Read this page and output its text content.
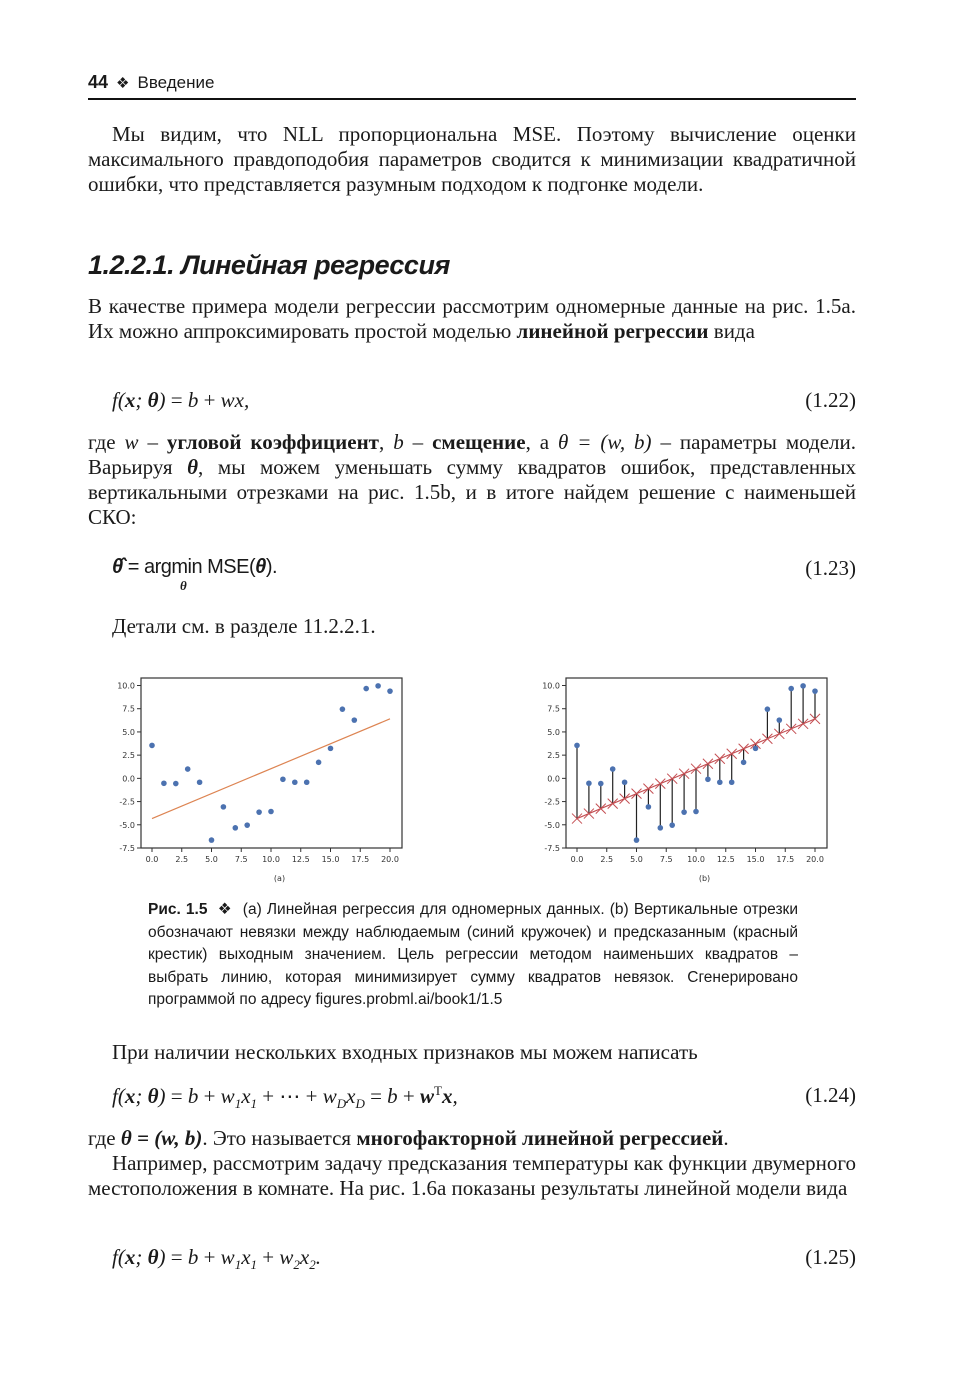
44 ❖ Введение

Мы видим, что NLL пропорциональна MSE. Поэтому вычисление оценки максимального правдоподобия параметров сводится к минимизации квадратичной ошибки, что представляется разумным подходом к подгонке модели.

1.2.2.1. Линейная регрессия

В качестве примера модели регрессии рассмотрим одномерные данные на рис. 1.5a. Их можно аппроксимировать простой моделью линейной регрессии вида

f(x; θ) = b + wx,	(1.22)

где w – угловой коэффициент, b – смещение, а θ = (w, b) – параметры модели. Варьируя θ, мы можем уменьшать сумму квадратов ошибок, представленных вертикальными отрезками на рис. 1.5b, и в итоге найдем решение с наименьшей СКО:

θ̂ = argmin MSE(θ).
θ
(1.23)

Детали см. в разделе 11.2.2.1.

0.0 2.5 5.0 7.5 10.0 12.5 15.0 17.5 20.0
10.0
7.5
5.0
2.5
0.0
-2.5
-5.0
-7.5
(a)
0.0 2.5 5.0 7.5 10.0 12.5 15.0 17.5 20.0
10.0
7.5
5.0
2.5
0.0
-2.5
-5.0
-7.5
(b)
Рис. 1.5 ❖ (a) Линейная регрессия для одномерных данных. (b) Вертикальные отрезки обозначают невязки между наблюдаемым (синий кружочек) и предсказанным (красный крестик) выходным значением. Цель регрессии методом наименьших квадратов – выбрать линию, которая минимизирует сумму квадратов невязок. Сгенерировано программой по адресу figures.probml.ai/book1/1.5

При наличии нескольких входных признаков мы можем написать

f(x; $\theta) = b + w_1x_1$ + ⋯ + $w_Dx_D = b + w^Tx$,	(1.24)

где θ = (w, b). Это называется многофакторной линейной регрессией.

Например, рассмотрим задачу предсказания температуры как функции двумерного местоположения в комнате. На рис. 1.6a показаны результаты линейной модели вида

f(x; $\theta) = b + w_1x_1 + w_2x_2$.	(1.25)
